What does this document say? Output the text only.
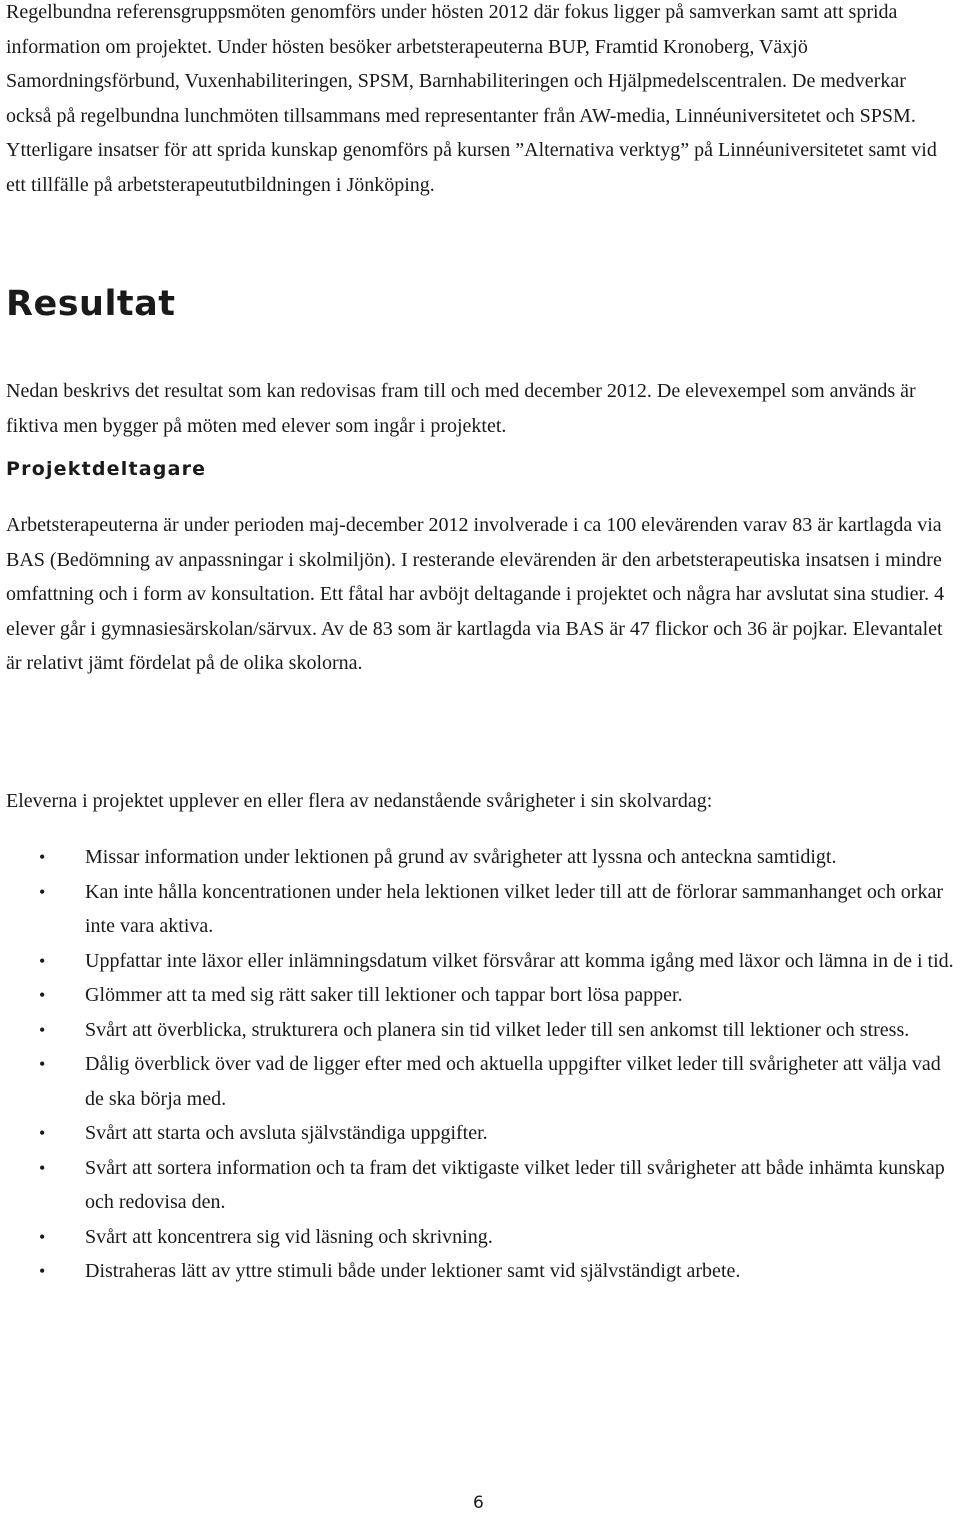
Regelbundna referensgruppsmöten genomförs under hösten 2012 där fokus ligger på samverkan samt att sprida information om projektet. Under hösten besöker arbetsterapeuterna BUP, Framtid Kronoberg, Växjö Samordningsförbund, Vuxenhabiliteringen, SPSM, Barnhabiliteringen och Hjälpmedelscentralen. De medverkar också på regelbundna lunchmöten tillsammans med representanter från AW-media, Linnéuniversitetet och SPSM. Ytterligare insatser för att sprida kunskap genomförs på kursen ”Alternativa verktyg” på Linnéuniversitetet samt vid ett tillfälle på arbetsterapeututbildningen i Jönköping.

Resultat

Nedan beskrivs det resultat som kan redovisas fram till och med december 2012. De elevexempel som används är fiktiva men bygger på möten med elever som ingår i projektet.

Projektdeltagare

Arbetsterapeuterna är under perioden maj-december 2012 involverade i ca 100 elevärenden varav 83 är kartlagda via BAS (Bedömning av anpassningar i skolmiljön). I resterande elevärenden är den arbetsterapeutiska insatsen i mindre omfattning och i form av konsultation. Ett fåtal har avböjt deltagande i projektet och några har avslutat sina studier. 4 elever går i gymnasiesärskolan/särvux. Av de 83 som är kartlagda via BAS är 47 flickor och 36 är pojkar. Elevantalet är relativt jämt fördelat på de olika skolorna.

Eleverna i projektet upplever en eller flera av nedanstående svårigheter i sin skolvardag:

• Missar information under lektionen på grund av svårigheter att lyssna och anteckna samtidigt.
• Kan inte hålla koncentrationen under hela lektionen vilket leder till att de förlorar sammanhanget och orkar inte vara aktiva.
• Uppfattar inte läxor eller inlämningsdatum vilket försvårar att komma igång med läxor och lämna in de i tid.
• Glömmer att ta med sig rätt saker till lektioner och tappar bort lösa papper.
• Svårt att överblicka, strukturera och planera sin tid vilket leder till sen ankomst till lektioner och stress.
• Dålig överblick över vad de ligger efter med och aktuella uppgifter vilket leder till svårigheter att välja vad de ska börja med.
• Svårt att starta och avsluta självständiga uppgifter.
• Svårt att sortera information och ta fram det viktigaste vilket leder till svårigheter att både inhämta kunskap och redovisa den.
• Svårt att koncentrera sig vid läsning och skrivning.
• Distraheras lätt av yttre stimuli både under lektioner samt vid självständigt arbete.
6
